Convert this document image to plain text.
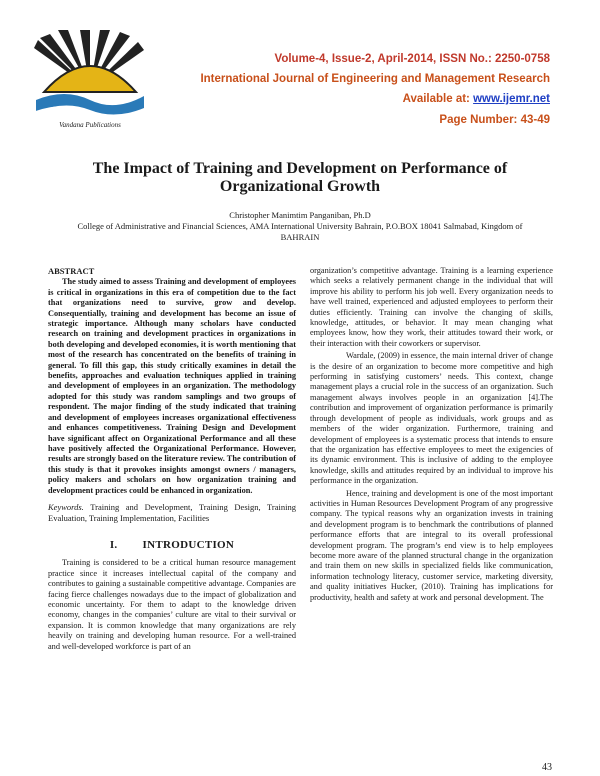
Vandana Publications
Volume-4, Issue-2, April-2014, ISSN No.: 2250-0758
International Journal of Engineering and Management Research
Available at: www.ijemr.net
Page Number: 43-49
The Impact of Training and Development on Performance of Organizational Growth
Christopher Manimtim Panganiban, Ph.D
College of Administrative and Financial Sciences, AMA International University Bahrain, P.O.BOX 18041 Salmabad, Kingdom of BAHRAIN
ABSTRACT

The study aimed to assess Training and development of employees is critical in organizations in this era of competition due to the fact that organizations need to survive, grow and develop. Consequentially, training and development has become an issue of strategic importance. Although many scholars have conducted research on training and development practices in organizations in both developing and developed economies, it is worth mentioning that most of the research has concentrated on the benefits of training in general. To fill this gap, this study critically examines in detail the benefits, approaches and evaluation techniques applied in training and development of employees in an organization. The methodology adopted for this study was random samplings and two groups of respondent. The major finding of the study indicated that training and development of employees increases organizational effectiveness and enhances competitiveness. Training Design and Development have significant affect on Organizational Performance and all these have positively affected the Organizational Performance. However, results are strongly based on the literature review. The contribution of this study is that it provokes insights amongst owners / managers, policy makers and scholars on how organization training and development practices could be enhanced in organization.

Keywords. Training and Development, Training Design, Training Evaluation, Training Implementation, Facilities

I. INTRODUCTION

Training is considered to be a critical human resource management practice since it increases intellectual capital of the company and contributes to gaining a sustainable competitive advantage. Companies are facing fierce challenges nowadays due to the impact of globalization and economic uncertainty. For them to adapt to the knowledge driven economy, changes in the companies’ culture are vital to their survival or expansion. It is common knowledge that many organizations are rely heavily on training and developing human resource. For a well-trained and well-developed workforce is part of an

organization’s competitive advantage. Training is a learning experience which seeks a relatively permanent change in the individual that will improve his ability to perform his job well. Every organization needs to have well trained, experienced and adjusted employees to perform their duties efficiently. Training can involve the changing of skills, knowledge, attitudes, or behavior. It may mean changing what employees know, how they work, their attitudes toward their work, or their interaction with their coworkers or supervisor.

Wardale, (2009) in essence, the main internal driver of change is the desire of an organization to become more competitive and high performing in satisfying customers’ needs. This context, change management plays a crucial role in the success of an organization. Such management always involves people in an organization [4].The contribution and improvement of organization performance is primarily through development of people as individuals, work groups and as members of the wider organization. Furthermore, training and development of employees is a systematic process that intends to ensure that the organization has effective employees to meet the exigencies of its dynamic environment. This is inclusive of adding to the employee knowledge, skills and attitudes required by an individual to improve his performance in the organization.

Hence, training and development is one of the most important activities in Human Resources Development Program of any progressive company. The typical reasons why an organization invests in training and development program is to benchmark the contributions of planned performance efforts that are integral to its overall professional development program. The program’s end view is to help employees become more aware of the planned structural change in the organization and train them on new skills in specialized fields like communication, information technology literacy, customer service, marketing diversity, and quality initiatives Hucker, (2010). Training has implications for productivity, health and safety at work and personal development. The

43
